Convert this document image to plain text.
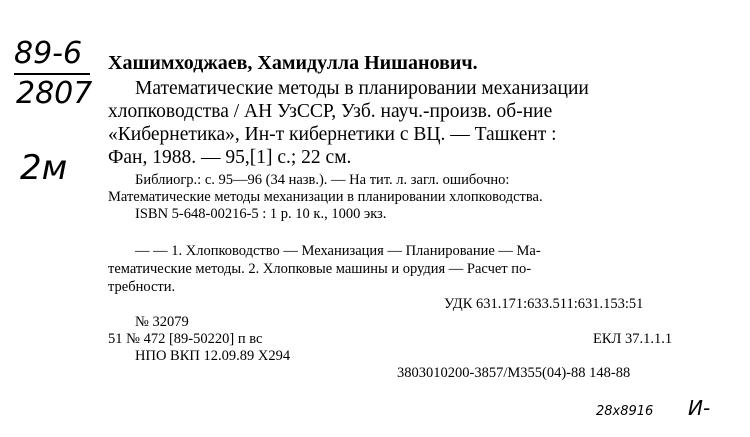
89-6
2807
2м
Хашимходжаев, Хамидулла Нишанович.
Математические методы в планировании механизации
хлопководства / АН УзССР, Узб. науч.-произв. об-ние
«Кибернетика», Ин-т кибернетики с ВЦ. — Ташкент :
Фан, 1988. — 95,[1] с.; 22 см.
Библиогр.: с. 95—96 (34 назв.). — На тит. л. загл. ошибочно:
Математические методы механизации в планировании хлопководства.
ISBN 5-648-00216-5 : 1 р. 10 к., 1000 экз.
— — 1. Хлопководство — Механизация — Планирование — Ма-
тематические методы. 2. Хлопковые машины и орудия — Расчет по-
требности.
УДК 631.171:633.511:631.153:51
№ 32079
51 № 472 [89-50220] п вс	ЕКЛ 37.1.1.1
НПО ВКП 12.09.89 Х294
3803010200-3857/М355(04)-88 148-88
28x8916 И-
